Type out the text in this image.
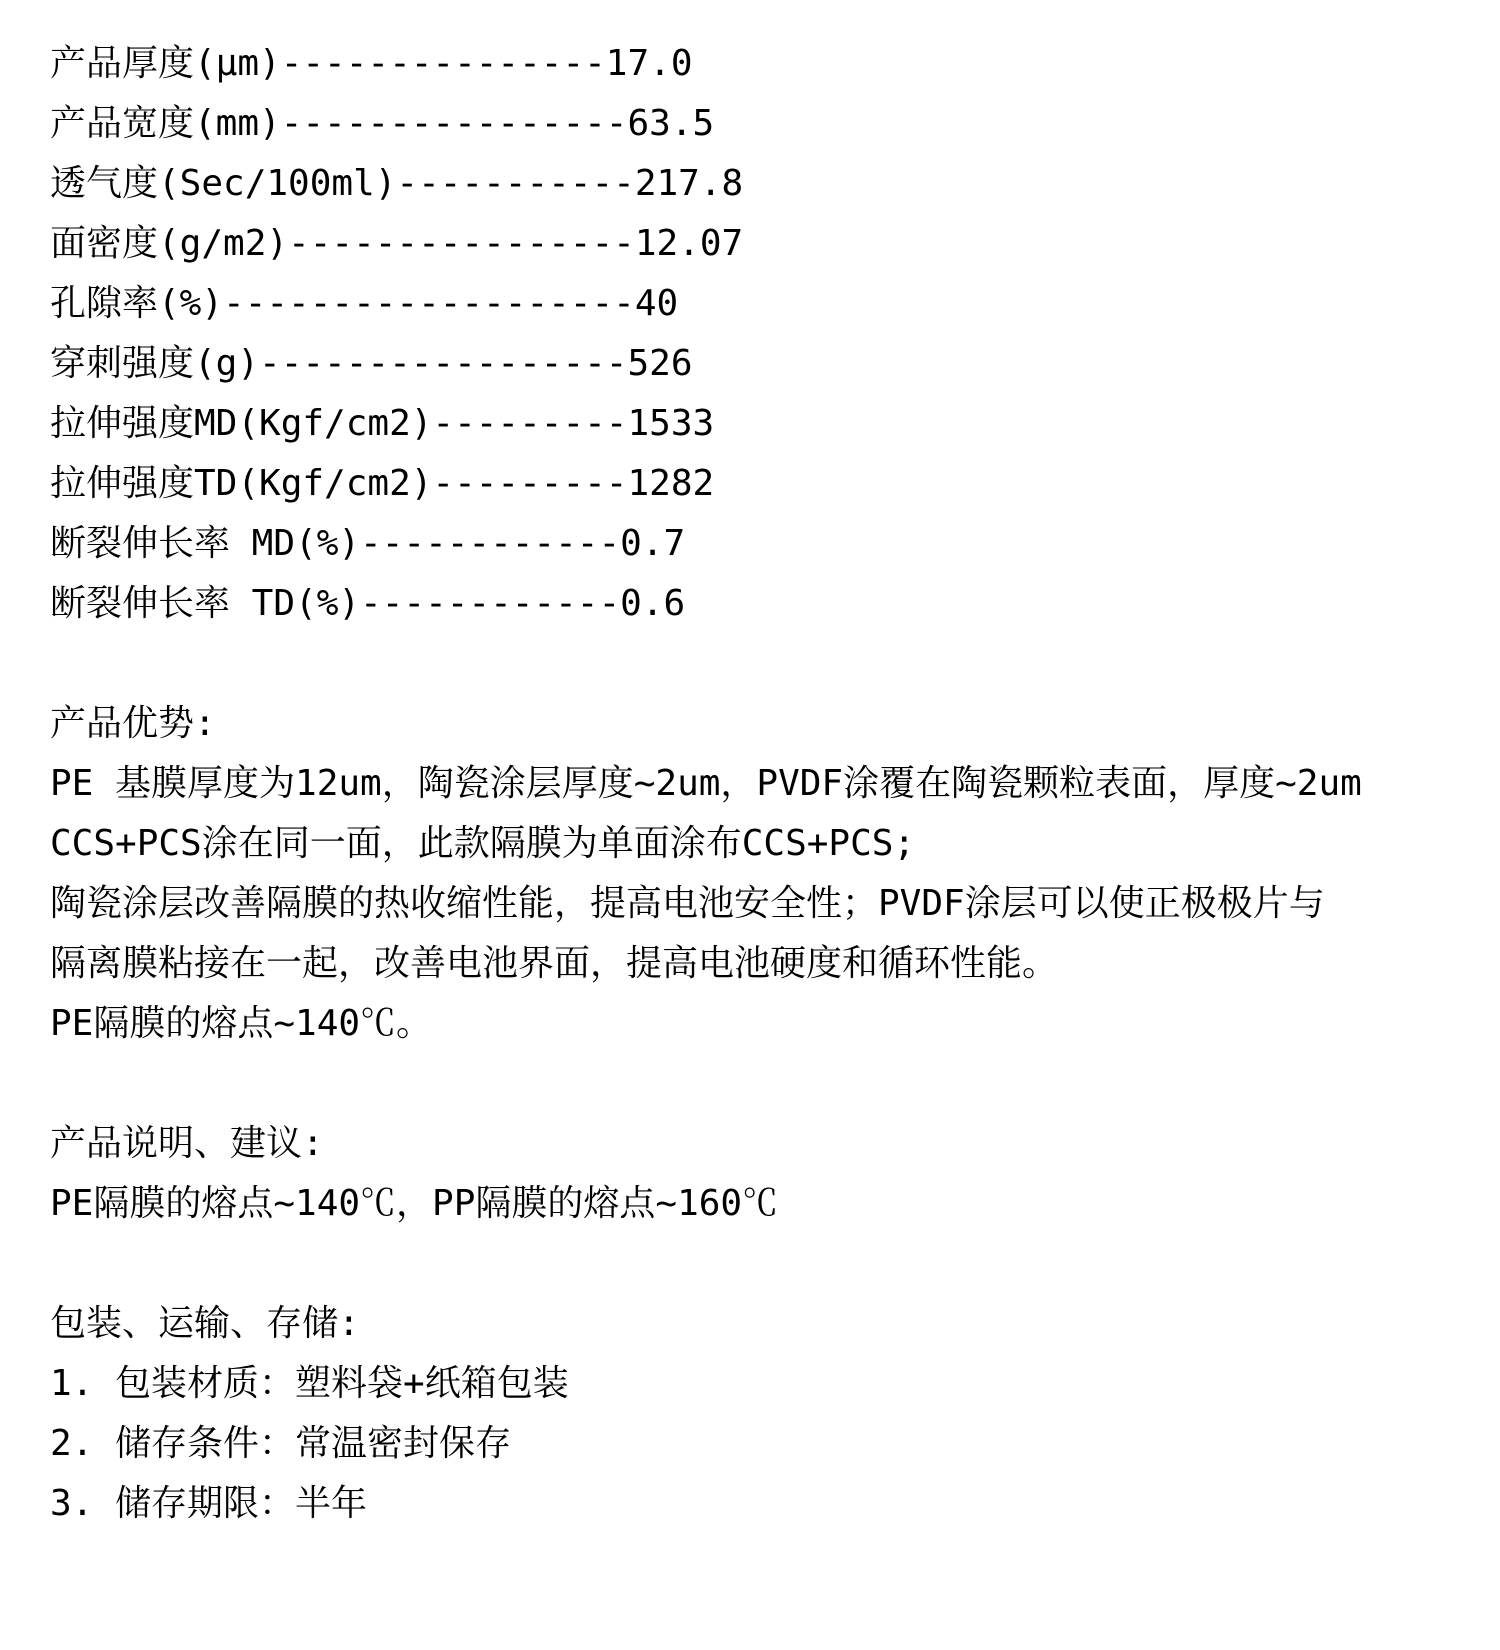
产品厚度(μm)---------------17.0
产品宽度(mm)----------------63.5
透气度(Sec/100ml)-----------217.8
面密度(g/m2)----------------12.07
孔隙率(%)-------------------40
穿刺强度(g)-----------------526
拉伸强度MD(Kgf/cm2)---------1533
拉伸强度TD(Kgf/cm2)---------1282
断裂伸长率 MD(%)------------0.7
断裂伸长率 TD(%)------------0.6
产品优势:
PE 基膜厚度为12um，陶瓷涂层厚度~2um，PVDF涂覆在陶瓷颗粒表面，厚度~2um
CCS+PCS涂在同一面，此款隔膜为单面涂布CCS+PCS;
陶瓷涂层改善隔膜的热收缩性能，提高电池安全性；PVDF涂层可以使正极极片与
隔离膜粘接在一起，改善电池界面，提高电池硬度和循环性能。
PE隔膜的熔点~140℃。
产品说明、建议:
PE隔膜的熔点~140℃，PP隔膜的熔点~160℃
包装、运输、存储:
1. 包装材质：塑料袋+纸箱包装
2. 储存条件：常温密封保存
3. 储存期限：半年
